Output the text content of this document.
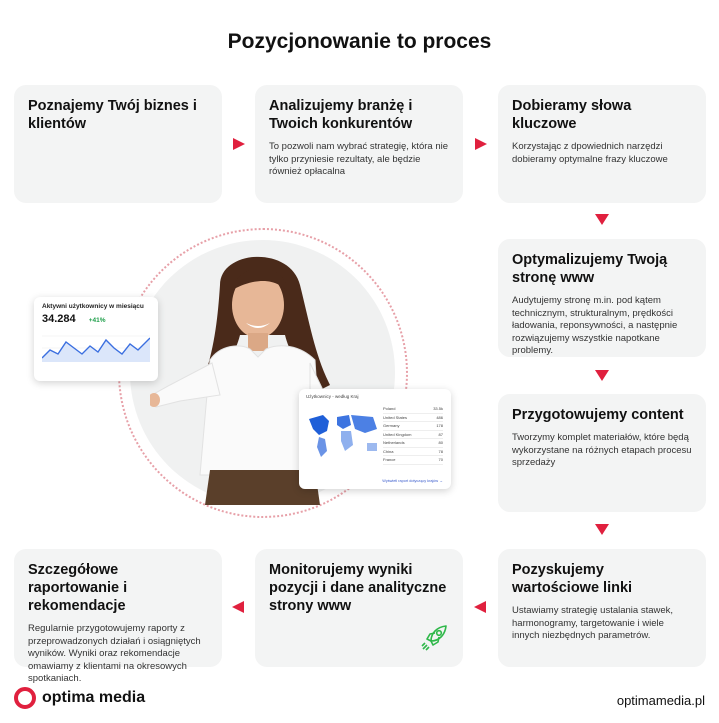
Pozycjonowanie to proces
Poznajemy Twój biznes i klientów
Analizujemy branżę i Twoich konkurentów

To pozwoli nam wybrać strategię, która nie tylko przyniesie rezultaty, ale będzie również opłacalna

Dobieramy słowa kluczowe

Korzystając z dpowiednich narzędzi dobieramy optymalne frazy kluczowe

Optymalizujemy Twoją stronę www

Audytujemy stronę m.in. pod kątem technicznym, strukturalnym, prędkości ładowania, reponsywności, a następnie rozwiązujemy wszystkie napotkane problemy.

Przygotowujemy content

Tworzymy komplet materiałów, które będą wykorzystane na różnych etapach procesu sprzedaży

Pozyskujemy wartościowe linki

Ustawiamy strategię ustalania stawek, harmonogramy, targetowanie i wiele innych niezbędnych parametrów.

Monitorujemy wyniki pozycji i dane analityczne strony www
Szczegółowe raportowanie i rekomendacje

Regularnie przygotowujemy raporty z przeprowadzonych działań i osiągniętych wyników. Wyniki oraz rekomendacje omawiamy z klientami na okresowych spotkaniach.

Aktywni użytkownicy w miesiącu
34.284 +41%
Użytkownicy - według Kraj
Poland	33.5k
United States	486
Germany	178
United Kingdom	87
Netherlands	80
China	78
France	70
Wyświetl raport dotyczący krajów →
optima media	optimamedia.pl
